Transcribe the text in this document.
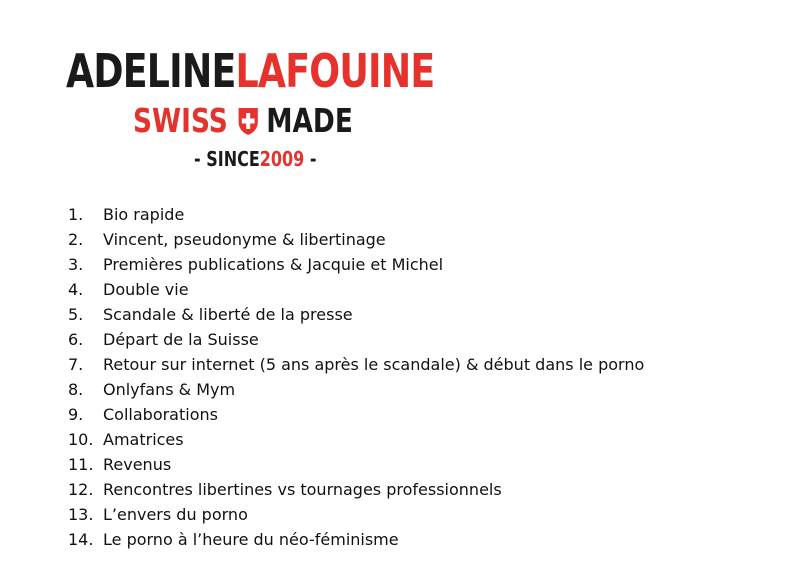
ADELINELAFOUINE
SWISS MADE
- SINCE2009 -
1.	Bio rapide
2.	Vincent, pseudonyme & libertinage
3.	Premières publications & Jacquie et Michel
4.	Double vie
5.	Scandale & liberté de la presse
6.	Départ de la Suisse
7.	Retour sur internet (5 ans après le scandale) & début dans le porno
8.	Onlyfans & Mym
9.	Collaborations
10. Amatrices
11. Revenus
12. Rencontres libertines vs tournages professionnels
13. L’envers du porno
14. Le porno à l’heure du néo-féminisme
